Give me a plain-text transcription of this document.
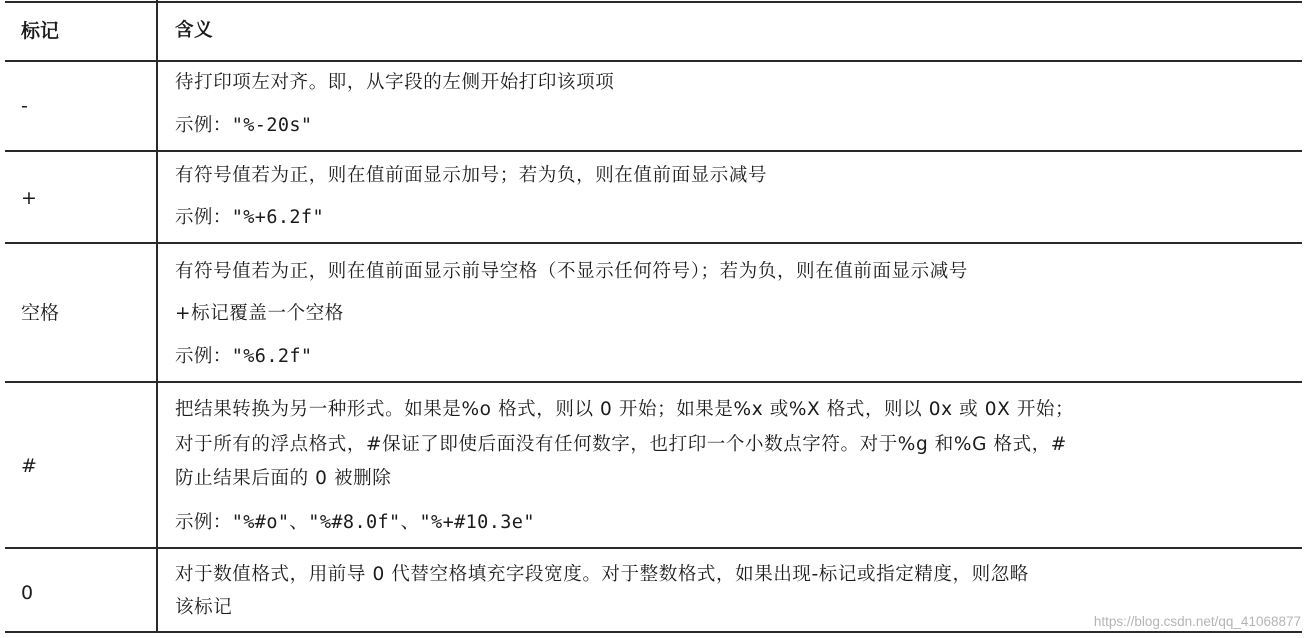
标记	含义
-
待打印项左对齐。即，从字段的左侧开始打印该项项
示例："%-20s"
+
有符号值若为正，则在值前面显示加号；若为负，则在值前面显示减号
示例："%+6.2f"
空格
有符号值若为正，则在值前面显示前导空格（不显示任何符号）；若为负，则在值前面显示减号
+标记覆盖一个空格
示例："%6.2f"
#
把结果转换为另一种形式。如果是%o 格式，则以 0 开始；如果是%x 或%X 格式，则以 0x 或 0X 开始；
对于所有的浮点格式，#保证了即使后面没有任何数字，也打印一个小数点字符。对于%g 和%G 格式，#
防止结果后面的 0 被删除
示例："%#o"、"%#8.0f"、"%+#10.3e"
0
对于数值格式，用前导 0 代替空格填充字段宽度。对于整数格式，如果出现-标记或指定精度，则忽略
该标记
https://blog.csdn.net/qq_41068877
